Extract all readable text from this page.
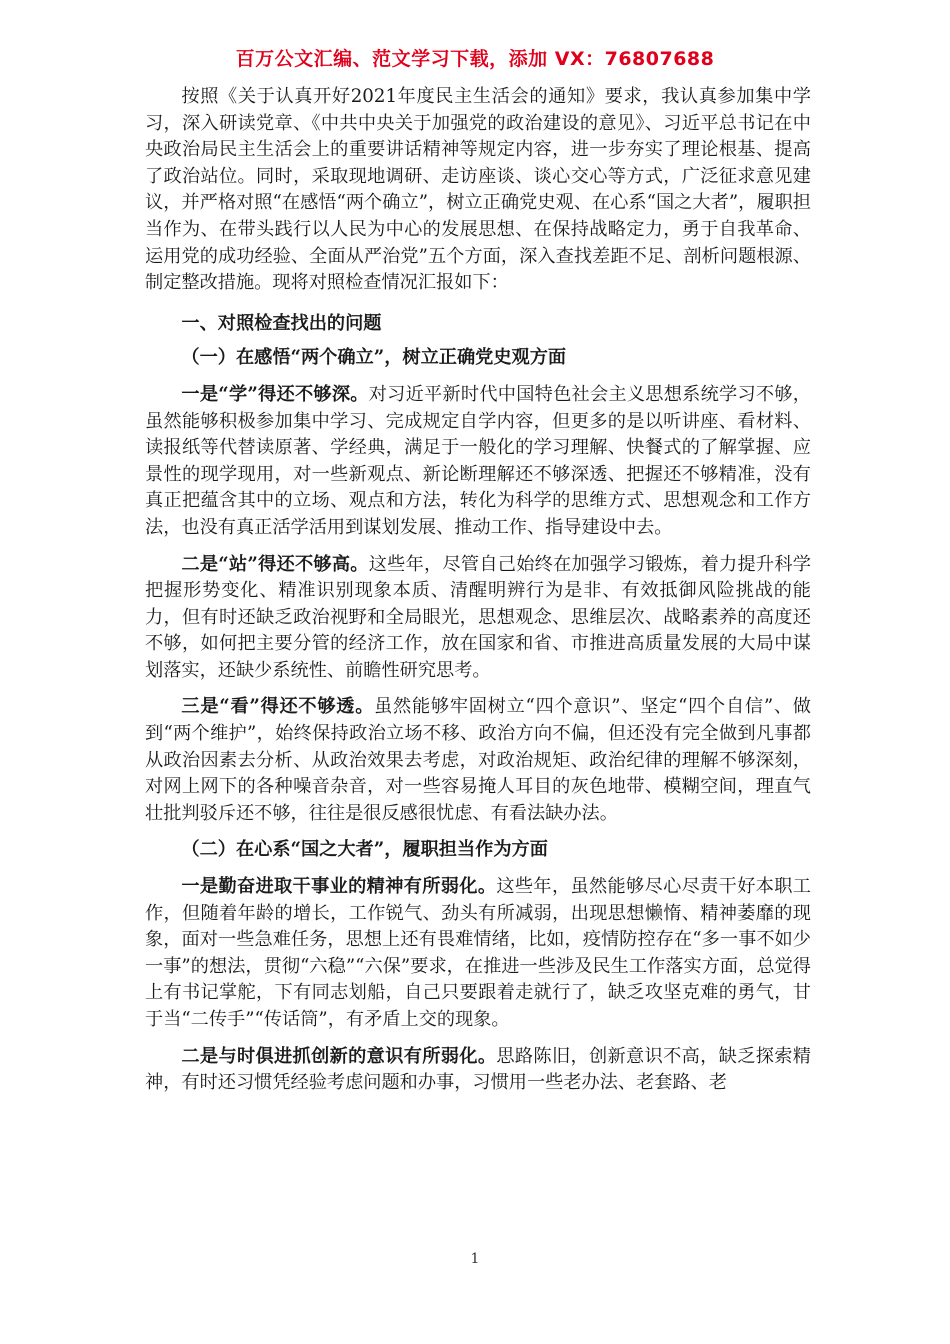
百万公文汇编、范文学习下载，添加 VX：76807688

按照《关于认真开好2021年度民主生活会的通知》要求，我认真参加集中学习，深入研读党章、《中共中央关于加强党的政治建设的意见》、习近平总书记在中央政治局民主生活会上的重要讲话精神等规定内容，进一步夯实了理论根基、提高了政治站位。同时，采取现地调研、走访座谈、谈心交心等方式，广泛征求意见建议，并严格对照“在感悟“两个确立”，树立正确党史观、在心系“国之大者”，履职担当作为、在带头践行以人民为中心的发展思想、在保持战略定力，勇于自我革命、运用党的成功经验、全面从严治党”五个方面，深入查找差距不足、剖析问题根源、制定整改措施。现将对照检查情况汇报如下：

一、对照检查找出的问题

（一）在感悟“两个确立”，树立正确党史观方面

一是“学”得还不够深。对习近平新时代中国特色社会主义思想系统学习不够，虽然能够积极参加集中学习、完成规定自学内容，但更多的是以听讲座、看材料、读报纸等代替读原著、学经典，满足于一般化的学习理解、快餐式的了解掌握、应景性的现学现用，对一些新观点、新论断理解还不够深透、把握还不够精准，没有真正把蕴含其中的立场、观点和方法，转化为科学的思维方式、思想观念和工作方法，也没有真正活学活用到谋划发展、推动工作、指导建设中去。

二是“站”得还不够高。这些年，尽管自己始终在加强学习锻炼，着力提升科学把握形势变化、精准识别现象本质、清醒明辨行为是非、有效抵御风险挑战的能力，但有时还缺乏政治视野和全局眼光，思想观念、思维层次、战略素养的高度还不够，如何把主要分管的经济工作，放在国家和省、市推进高质量发展的大局中谋划落实，还缺少系统性、前瞻性研究思考。

三是“看”得还不够透。虽然能够牢固树立“四个意识”、坚定“四个自信”、做到“两个维护”，始终保持政治立场不移、政治方向不偏，但还没有完全做到凡事都从政治因素去分析、从政治效果去考虑，对政治规矩、政治纪律的理解不够深刻，对网上网下的各种噪音杂音，对一些容易掩人耳目的灰色地带、模糊空间，理直气壮批判驳斥还不够，往往是很反感很忧虑、有看法缺办法。

（二）在心系“国之大者”，履职担当作为方面

一是勤奋进取干事业的精神有所弱化。这些年，虽然能够尽心尽责干好本职工作，但随着年龄的增长，工作锐气、劲头有所减弱，出现思想懒惰、精神萎靡的现象，面对一些急难任务，思想上还有畏难情绪，比如，疫情防控存在“多一事不如少一事”的想法，贯彻“六稳”“六保”要求，在推进一些涉及民生工作落实方面，总觉得上有书记掌舵，下有同志划船，自己只要跟着走就行了，缺乏攻坚克难的勇气，甘于当“二传手”“传话筒”，有矛盾上交的现象。

二是与时俱进抓创新的意识有所弱化。思路陈旧，创新意识不高，缺乏探索精神，有时还习惯凭经验考虑问题和办事，习惯用一些老办法、老套路、老

1
